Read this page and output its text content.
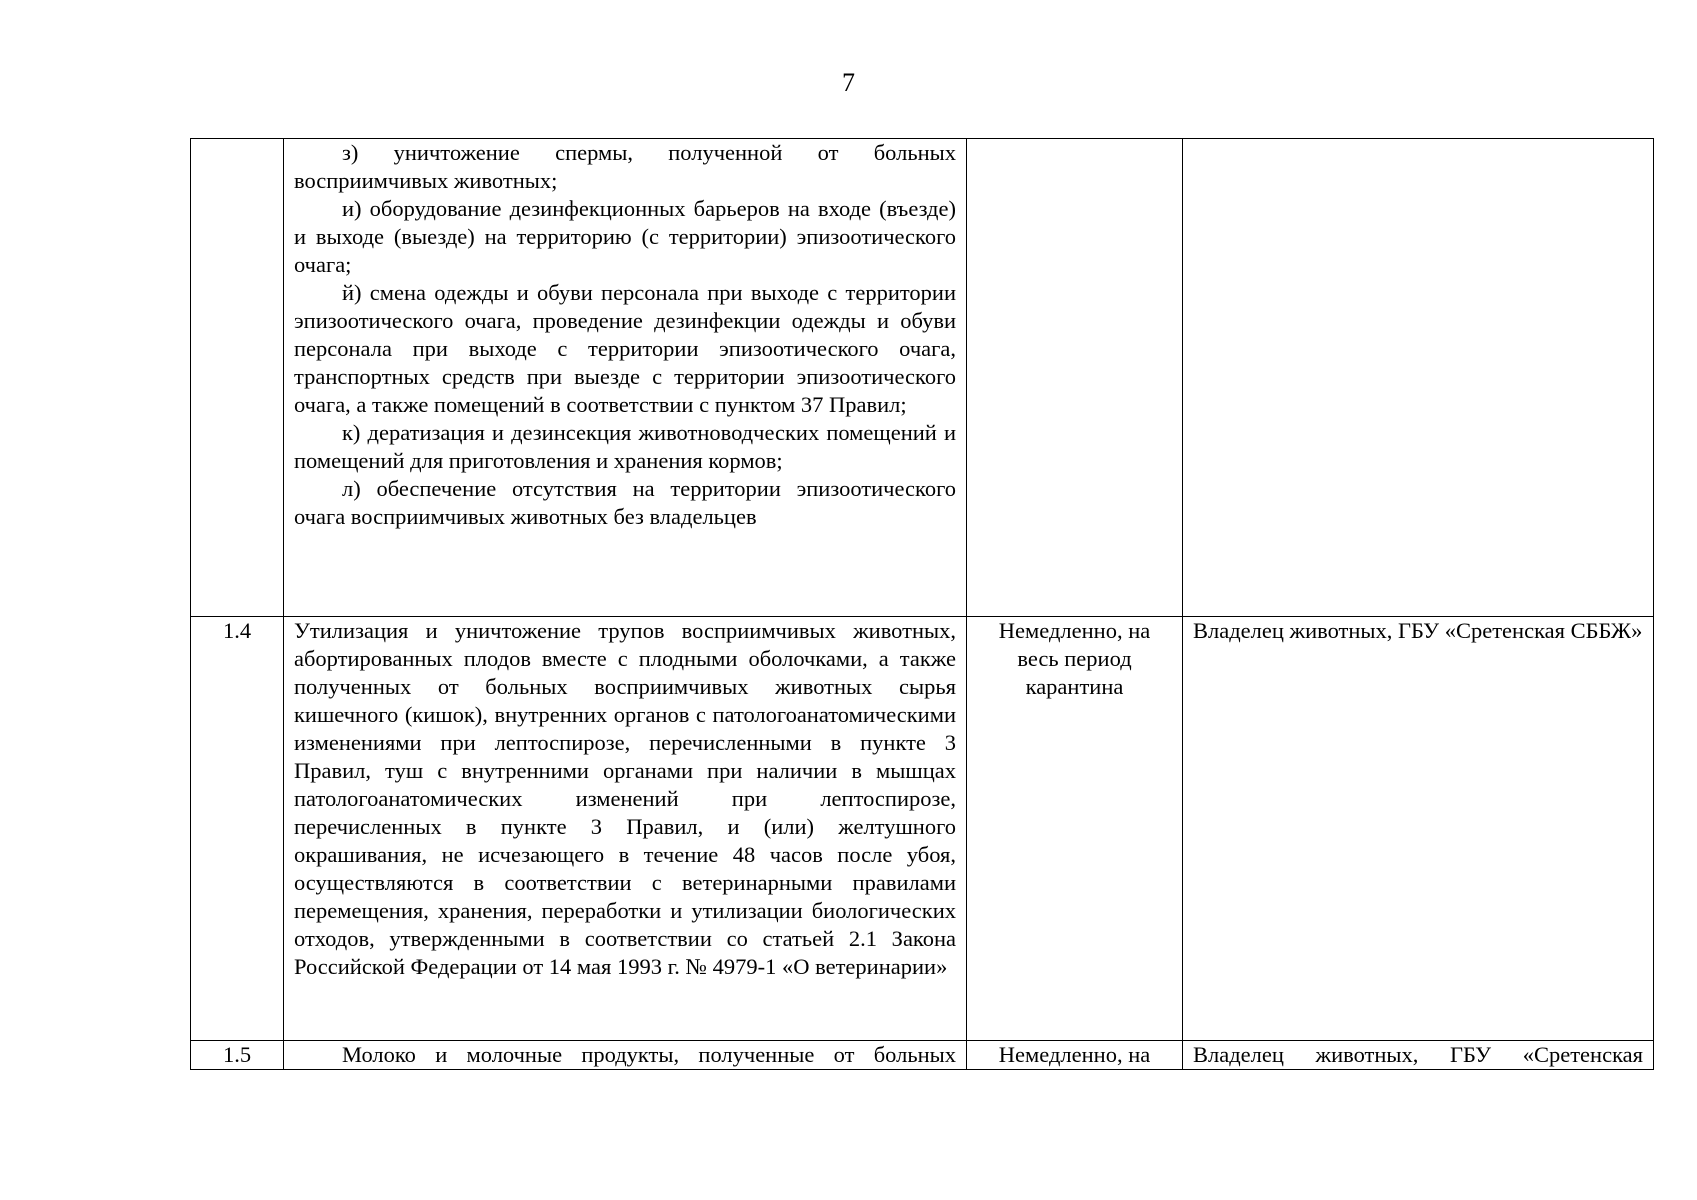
7

	з) уничтожение спермы, полученной от больных восприимчивых животных;

и) оборудование дезинфекционных барьеров на входе (въезде) и выходе (выезде) на территорию (с территории) эпизоотического очага;

й) смена одежды и обуви персонала при выходе с территории эпизоотического очага, проведение дезинфекции одежды и обуви персонала при выходе с территории эпизоотического очага, транспортных средств при выезде с территории эпизоотического очага, а также помещений в соответствии с пунктом 37 Правил;

к) дератизация и дезинсекция животноводческих помещений и помещений для приготовления и хранения кормов;

л) обеспечение отсутствия на территории эпизоотического очага восприимчивых животных без владельцев		

1.4	Утилизация и уничтожение трупов восприимчивых животных, абортированных плодов вместе с плодными оболочками, а также полученных от больных восприимчивых животных сырья кишечного (кишок), внутренних органов с патологоанатомическими изменениями при лептоспирозе, перечисленными в пункте 3 Правил, туш с внутренними органами при наличии в мышцах патологоанатомических изменений при лептоспирозе, перечисленных в пункте 3 Правил, и (или) желтушного окрашивания, не исчезающего в течение 48 часов после убоя, осуществляются в соответствии с ветеринарными правилами перемещения, хранения, переработки и утилизации биологических отходов, утвержденными в соответствии со статьей 2.1 Закона Российской Федерации от 14 мая 1993 г. № 4979-1 «О ветеринарии»	Немедленно, на весь период карантина	Владелец животных, ГБУ «Сретенская СББЖ»
1.5	Молоко и молочные продукты, полученные от больных	Немедленно, на	Владелец животных, ГБУ «Сретенская
